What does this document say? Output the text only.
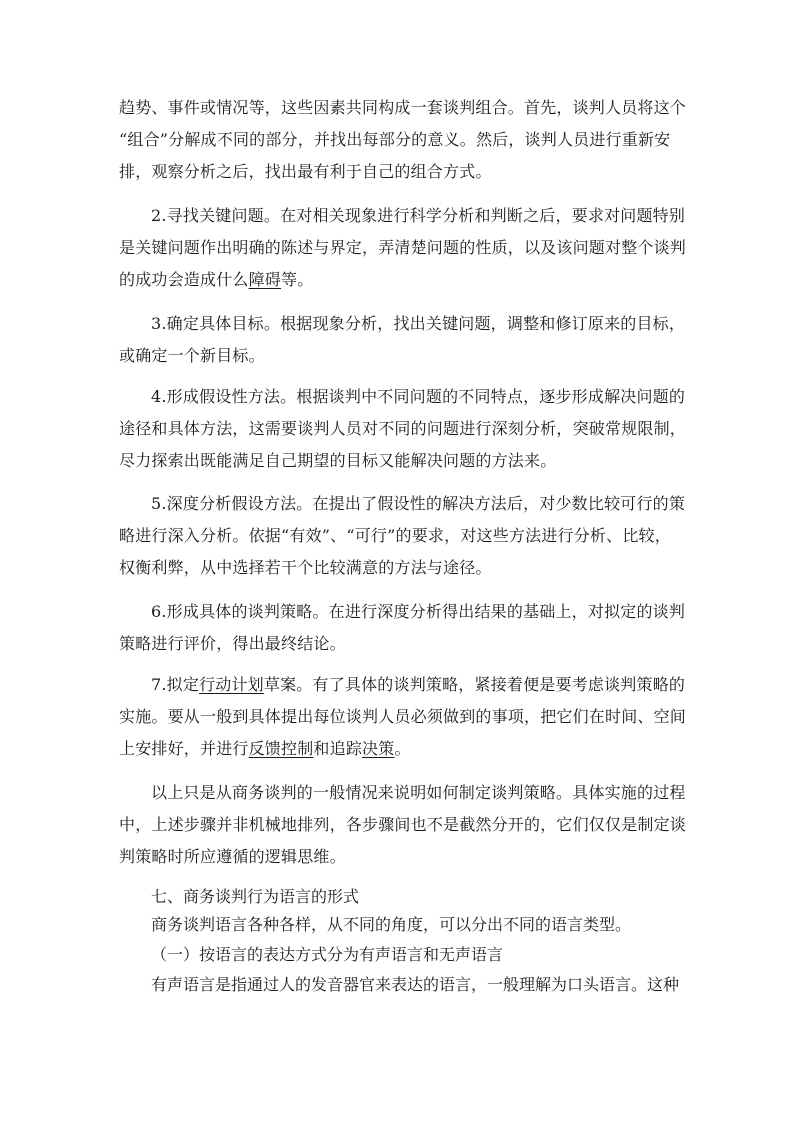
趋势、事件或情况等，这些因素共同构成一套谈判组合。首先，谈判人员将这个
“组合”分解成不同的部分，并找出每部分的意义。然后，谈判人员进行重新安
排，观察分析之后，找出最有利于自己的组合方式。
2.寻找关键问题。在对相关现象进行科学分析和判断之后，要求对问题特别
是关键问题作出明确的陈述与界定，弄清楚问题的性质，以及该问题对整个谈判
的成功会造成什么障碍等。
3.确定具体目标。根据现象分析，找出关键问题，调整和修订原来的目标，
或确定一个新目标。
4.形成假设性方法。根据谈判中不同问题的不同特点，逐步形成解决问题的
途径和具体方法，这需要谈判人员对不同的问题进行深刻分析，突破常规限制，
尽力探索出既能满足自己期望的目标又能解决问题的方法来。
5.深度分析假设方法。在提出了假设性的解决方法后，对少数比较可行的策
略进行深入分析。依据“有效”、“可行”的要求，对这些方法进行分析、比较，
权衡利弊，从中选择若干个比较满意的方法与途径。
6.形成具体的谈判策略。在进行深度分析得出结果的基础上，对拟定的谈判
策略进行评价，得出最终结论。
7.拟定行动计划草案。有了具体的谈判策略，紧接着便是要考虑谈判策略的
实施。要从一般到具体提出每位谈判人员必须做到的事项，把它们在时间、空间
上安排好，并进行反馈控制和追踪决策。
以上只是从商务谈判的一般情况来说明如何制定谈判策略。具体实施的过程
中，上述步骤并非机械地排列，各步骤间也不是截然分开的，它们仅仅是制定谈
判策略时所应遵循的逻辑思维。

七、商务谈判行为语言的形式

商务谈判语言各种各样，从不同的角度，可以分出不同的语言类型。

（一）按语言的表达方式分为有声语言和无声语言

有声语言是指通过人的发音器官来表达的语言，一般理解为口头语言。这种
